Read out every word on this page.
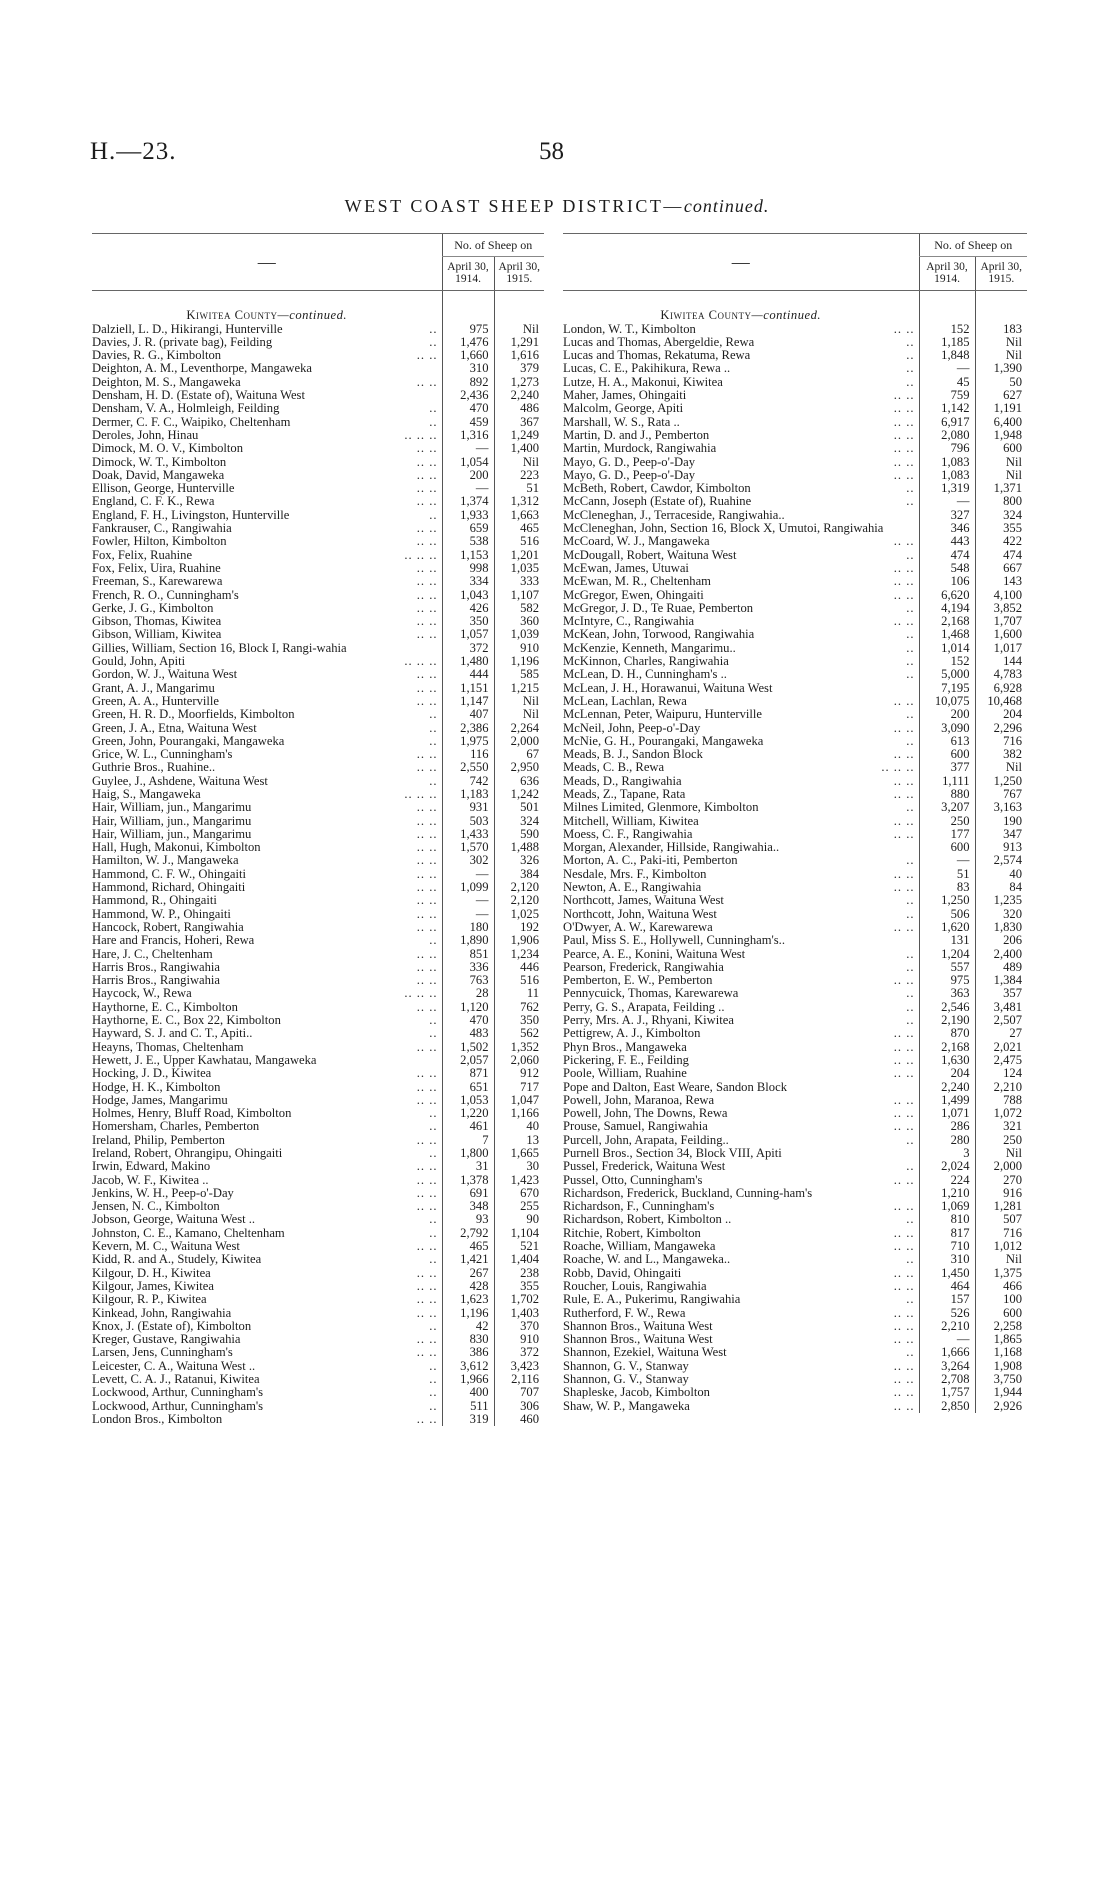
H.—23.	58
WEST COAST SHEEP DISTRICT—continued.
—	No. of Sheep on	
	April 30, 1914.	April 30, 1915.

Kiwitea County—continued.		

..
Dalziell, L. D., Hikirangi, Hunterville	975	Nil

..
Davies, J. R. (private bag), Feilding	1,476	1,291

.. ..
Davies, R. G., Kimbolton	1,660	1,616
Deighton, A. M., Leventhorpe, Mangaweka	310	379

.. ..
Deighton, M. S., Mangaweka	892	1,273
Densham, H. D. (Estate of), Waituna West	2,436	2,240

..
Densham, V. A., Holmleigh, Feilding	470	486

..
Dermer, C. F. C., Waipiko, Cheltenham	459	367

.. .. ..
Deroles, John, Hinau	1,316	1,249

.. ..
Dimock, M. O. V., Kimbolton	—	1,400

.. ..
Dimock, W. T., Kimbolton	1,054	Nil

.. ..
Doak, David, Mangaweka	200	223

.. ..
Ellison, George, Hunterville	—	51

.. ..
England, C. F. K., Rewa	1,374	1,312

..
England, F. H., Livingston, Hunterville	1,933	1,663

.. ..
Fankrauser, C., Rangiwahia	659	465

.. ..
Fowler, Hilton, Kimbolton	538	516

.. .. ..
Fox, Felix, Ruahine	1,153	1,201

.. ..
Fox, Felix, Uira, Ruahine	998	1,035

.. ..
Freeman, S., Karewarewa	334	333

.. ..
French, R. O., Cunningham's	1,043	1,107

.. ..
Gerke, J. G., Kimbolton	426	582

.. ..
Gibson, Thomas, Kiwitea	350	360

.. ..
Gibson, William, Kiwitea	1,057	1,039
Gillies, William, Section 16, Block I, Rangi-wahia	372	910

.. .. ..
Gould, John, Apiti	1,480	1,196

.. ..
Gordon, W. J., Waituna West	444	585

.. ..
Grant, A. J., Mangarimu	1,151	1,215

.. ..
Green, A. A., Hunterville	1,147	Nil

..
Green, H. R. D., Moorfields, Kimbolton	407	Nil

..
Green, J. A., Etna, Waituna West	2,386	2,264

..
Green, John, Pourangaki, Mangaweka	1,975	2,000

.. ..
Grice, W. L., Cunningham's	116	67

.. ..
Guthrie Bros., Ruahine..	2,550	2,950

..
Guylee, J., Ashdene, Waituna West	742	636

.. .. ..
Haig, S., Mangaweka	1,183	1,242

.. ..
Hair, William, jun., Mangarimu	931	501

.. ..
Hair, William, jun., Mangarimu	503	324

.. ..
Hair, William, jun., Mangarimu	1,433	590

.. ..
Hall, Hugh, Makonui, Kimbolton	1,570	1,488

.. ..
Hamilton, W. J., Mangaweka	302	326

.. ..
Hammond, C. F. W., Ohingaiti	—	384

.. ..
Hammond, Richard, Ohingaiti	1,099	2,120

.. ..
Hammond, R., Ohingaiti	—	2,120

.. ..
Hammond, W. P., Ohingaiti	—	1,025

.. ..
Hancock, Robert, Rangiwahia	180	192

..
Hare and Francis, Hoheri, Rewa	1,890	1,906

.. ..
Hare, J. C., Cheltenham	851	1,234

.. ..
Harris Bros., Rangiwahia	336	446

.. ..
Harris Bros., Rangiwahia	763	516

.. .. ..
Haycock, W., Rewa	28	11

.. ..
Haythorne, E. C., Kimbolton	1,120	762

..
Haythorne, E. C., Box 22, Kimbolton	470	350

..
Hayward, S. J. and C. T., Apiti..	483	562

.. ..
Heayns, Thomas, Cheltenham	1,502	1,352
Hewett, J. E., Upper Kawhatau, Mangaweka	2,057	2,060

.. ..
Hocking, J. D., Kiwitea	871	912

.. ..
Hodge, H. K., Kimbolton	651	717

.. ..
Hodge, James, Mangarimu	1,053	1,047

..
Holmes, Henry, Bluff Road, Kimbolton	1,220	1,166

..
Homersham, Charles, Pemberton	461	40

.. ..
Ireland, Philip, Pemberton	7	13

..
Ireland, Robert, Ohrangipu, Ohingaiti	1,800	1,665

.. ..
Irwin, Edward, Makino	31	30

.. ..
Jacob, W. F., Kiwitea ..	1,378	1,423

.. ..
Jenkins, W. H., Peep-o'-Day	691	670

.. ..
Jensen, N. C., Kimbolton	348	255

..
Jobson, George, Waituna West ..	93	90

..
Johnston, C. E., Kamano, Cheltenham	2,792	1,104

.. ..
Kevern, M. C., Waituna West	465	521

..
Kidd, R. and A., Studely, Kiwitea	1,421	1,404

.. ..
Kilgour, D. H., Kiwitea	267	238

.. ..
Kilgour, James, Kiwitea	428	355

.. ..
Kilgour, R. P., Kiwitea	1,623	1,702

.. ..
Kinkead, John, Rangiwahia	1,196	1,403

..
Knox, J. (Estate of), Kimbolton	42	370

.. ..
Kreger, Gustave, Rangiwahia	830	910

.. ..
Larsen, Jens, Cunningham's	386	372

..
Leicester, C. A., Waituna West ..	3,612	3,423

..
Levett, C. A. J., Ratanui, Kiwitea	1,966	2,116

..
Lockwood, Arthur, Cunningham's	400	707

..
Lockwood, Arthur, Cunningham's	511	306

.. ..
London Bros., Kimbolton	319	460
—	No. of Sheep on	
	April 30, 1914.	April 30, 1915.

Kiwitea County—continued.		

.. ..
London, W. T., Kimbolton	152	183

..
Lucas and Thomas, Abergeldie, Rewa	1,185	Nil

..
Lucas and Thomas, Rekatuma, Rewa	1,848	Nil

..
Lucas, C. E., Pakihikura, Rewa ..	—	1,390

..
Lutze, H. A., Makonui, Kiwitea	45	50

.. ..
Maher, James, Ohingaiti	759	627

.. ..
Malcolm, George, Apiti	1,142	1,191

.. ..
Marshall, W. S., Rata ..	6,917	6,400

.. ..
Martin, D. and J., Pemberton	2,080	1,948

.. ..
Martin, Murdock, Rangiwahia	796	600

.. ..
Mayo, G. D., Peep-o'-Day	1,083	Nil

.. ..
Mayo, G. D., Peep-o'-Day	1,083	Nil

..
McBeth, Robert, Cawdor, Kimbolton	1,319	1,371

..
McCann, Joseph (Estate of), Ruahine	—	800
McCleneghan, J., Terraceside, Rangiwahia..	327	324
McCleneghan, John, Section 16, Block X, Umutoi, Rangiwahia	346	355

.. ..
McCoard, W. J., Mangaweka	443	422

..
McDougall, Robert, Waituna West	474	474

.. ..
McEwan, James, Utuwai	548	667

.. ..
McEwan, M. R., Cheltenham	106	143

.. ..
McGregor, Ewen, Ohingaiti	6,620	4,100

..
McGregor, J. D., Te Ruae, Pemberton	4,194	3,852

.. ..
McIntyre, C., Rangiwahia	2,168	1,707

..
McKean, John, Torwood, Rangiwahia	1,468	1,600

..
McKenzie, Kenneth, Mangarimu..	1,014	1,017

..
McKinnon, Charles, Rangiwahia	152	144

..
McLean, D. H., Cunningham's ..	5,000	4,783
McLean, J. H., Horawanui, Waituna West	7,195	6,928

.. ..
McLean, Lachlan, Rewa	10,075	10,468

..
McLennan, Peter, Waipuru, Hunterville	200	204

.. ..
McNeil, John, Peep-o'-Day	3,090	2,296

..
McNie, G. H., Pourangaki, Mangaweka	613	716

.. ..
Meads, B. J., Sandon Block	600	382

.. .. ..
Meads, C. B., Rewa	377	Nil

.. ..
Meads, D., Rangiwahia	1,111	1,250

.. ..
Meads, Z., Tapane, Rata	880	767

..
Milnes Limited, Glenmore, Kimbolton	3,207	3,163

.. ..
Mitchell, William, Kiwitea	250	190

.. ..
Moess, C. F., Rangiwahia	177	347
Morgan, Alexander, Hillside, Rangiwahia..	600	913

..
Morton, A. C., Paki-iti, Pemberton	—	2,574

.. ..
Nesdale, Mrs. F., Kimbolton	51	40

.. ..
Newton, A. E., Rangiwahia	83	84

..
Northcott, James, Waituna West	1,250	1,235

..
Northcott, John, Waituna West	506	320

.. ..
O'Dwyer, A. W., Karewarewa	1,620	1,830
Paul, Miss S. E., Hollywell, Cunningham's..	131	206

..
Pearce, A. E., Konini, Waituna West	1,204	2,400

..
Pearson, Frederick, Rangiwahia	557	489

.. ..
Pemberton, E. W., Pemberton	975	1,384

..
Pennycuick, Thomas, Karewarewa	363	357

..
Perry, G. S., Arapata, Feilding ..	2,546	3,481

..
Perry, Mrs. A. J., Rhyani, Kiwitea	2,190	2,507

.. ..
Pettigrew, A. J., Kimbolton	870	27

.. ..
Phyn Bros., Mangaweka	2,168	2,021

.. ..
Pickering, F. E., Feilding	1,630	2,475

.. ..
Poole, William, Ruahine	204	124
Pope and Dalton, East Weare, Sandon Block	2,240	2,210

.. ..
Powell, John, Maranoa, Rewa	1,499	788

.. ..
Powell, John, The Downs, Rewa	1,071	1,072

.. ..
Prouse, Samuel, Rangiwahia	286	321

..
Purcell, John, Arapata, Feilding..	280	250
Purnell Bros., Section 34, Block VIII, Apiti	3	Nil

..
Pussel, Frederick, Waituna West	2,024	2,000

.. ..
Pussel, Otto, Cunningham's	224	270
Richardson, Frederick, Buckland, Cunning-ham's	1,210	916

.. ..
Richardson, F., Cunningham's	1,069	1,281

..
Richardson, Robert, Kimbolton ..	810	507

.. ..
Ritchie, Robert, Kimbolton	817	716

.. ..
Roache, William, Mangaweka	710	1,012

..
Roache, W. and L., Mangaweka..	310	Nil

.. ..
Robb, David, Ohingaiti	1,450	1,375

.. ..
Roucher, Louis, Rangiwahia	464	466

..
Rule, E. A., Pukerimu, Rangiwahia	157	100

.. ..
Rutherford, F. W., Rewa	526	600

.. ..
Shannon Bros., Waituna West	2,210	2,258

.. ..
Shannon Bros., Waituna West	—	1,865

..
Shannon, Ezekiel, Waituna West	1,666	1,168

.. ..
Shannon, G. V., Stanway	3,264	1,908

.. ..
Shannon, G. V., Stanway	2,708	3,750

.. ..
Shapleske, Jacob, Kimbolton	1,757	1,944

.. ..
Shaw, W. P., Mangaweka	2,850	2,926
